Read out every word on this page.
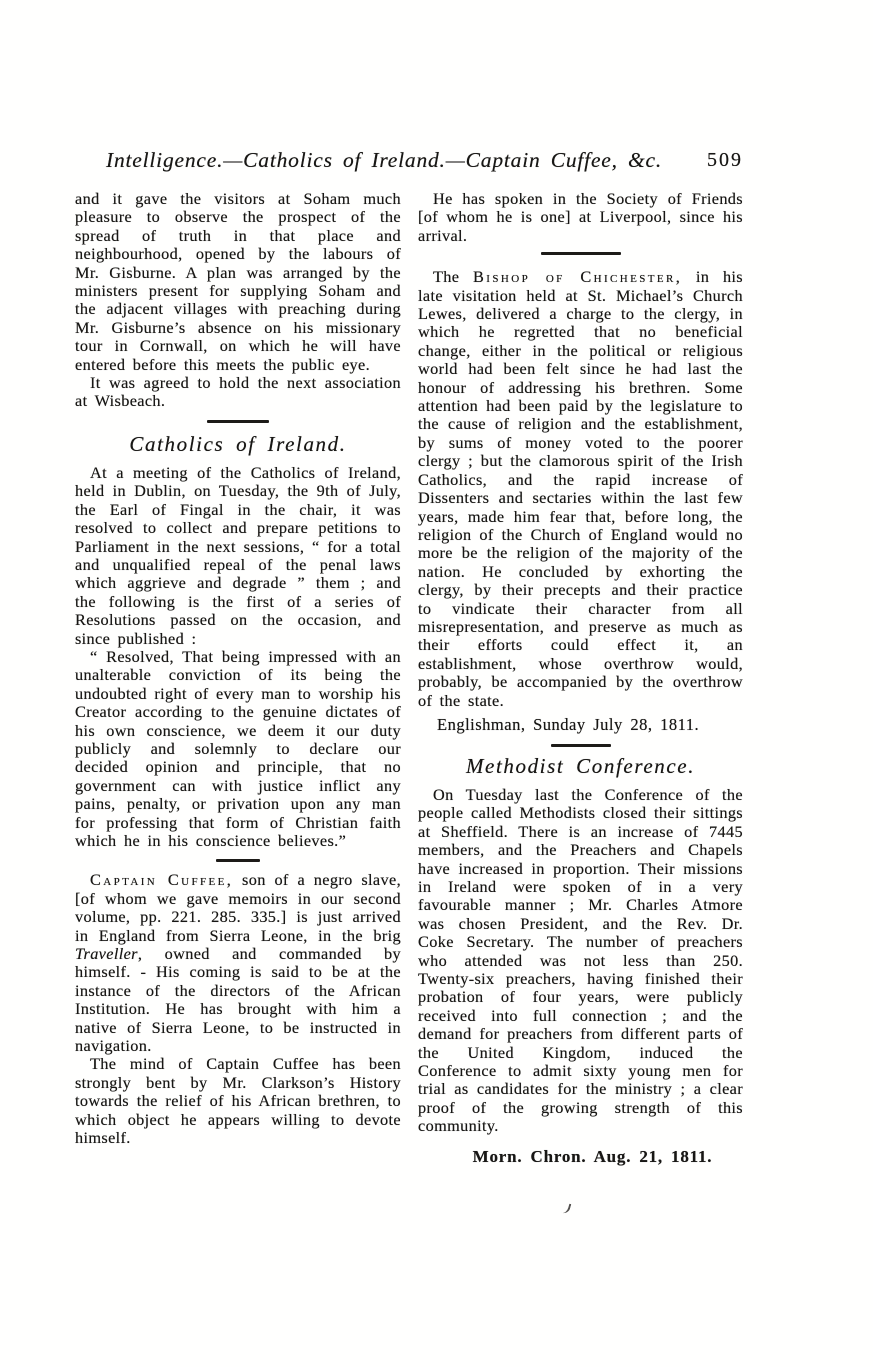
Intelligence.—Catholics of Ireland.—Captain Cuffee, &c.	509

and it gave the visitors at Soham much pleasure to observe the prospect of the spread of truth in that place and neighbourhood, opened by the labours of Mr. Gisburne. A plan was arranged by the ministers present for supplying Soham and the adjacent villages with preaching during Mr. Gisburne’s absence on his missionary tour in Cornwall, on which he will have entered before this meets the public eye.

It was agreed to hold the next association at Wisbeach.

Catholics of Ireland.

At a meeting of the Catholics of Ireland, held in Dublin, on Tuesday, the 9th of July, the Earl of Fingal in the chair, it was resolved to collect and prepare petitions to Parliament in the next sessions, “ for a total and unqualified repeal of the penal laws which aggrieve and degrade ” them ; and the following is the first of a series of Resolutions passed on the occasion, and since published :

“ Resolved, That being impressed with an unalterable conviction of its being the undoubted right of every man to worship his Creator according to the genuine dictates of his own conscience, we deem it our duty publicly and solemnly to declare our decided opinion and principle, that no government can with justice inflict any pains, penalty, or privation upon any man for professing that form of Christian faith which he in his conscience believes.”

Captain Cuffee, son of a negro slave, [of whom we gave memoirs in our second volume, pp. 221. 285. 335.] is just arrived in England from Sierra Leone, in the brig Traveller, owned and commanded by himself. - His coming is said to be at the instance of the directors of the African Institution. He has brought with him a native of Sierra Leone, to be instructed in navigation.

The mind of Captain Cuffee has been strongly bent by Mr. Clarkson’s History towards the relief of his African brethren, to which object he appears willing to devote himself.

He has spoken in the Society of Friends [of whom he is one] at Liverpool, since his arrival.

The Bishop of Chichester, in his late visitation held at St. Michael’s Church Lewes, delivered a charge to the clergy, in which he regretted that no beneficial change, either in the political or religious world had been felt since he had last the honour of addressing his brethren. Some attention had been paid by the legislature to the cause of religion and the establishment, by sums of money voted to the poorer clergy ; but the clamorous spirit of the Irish Catholics, and the rapid increase of Dissenters and sectaries within the last few years, made him fear that, before long, the religion of the Church of England would no more be the religion of the majority of the nation. He concluded by exhorting the clergy, by their precepts and their practice to vindicate their character from all misrepresentation, and preserve as much as their efforts could effect it, an establishment, whose overthrow would, probably, be accompanied by the overthrow of the state.

Englishman, Sunday July 28, 1811.

Methodist Conference.

On Tuesday last the Conference of the people called Methodists closed their sittings at Sheffield. There is an increase of 7445 members, and the Preachers and Chapels have increased in proportion. Their missions in Ireland were spoken of in a very favourable manner ; Mr. Charles Atmore was chosen President, and the Rev. Dr. Coke Secretary. The number of preachers who attended was not less than 250. Twenty-six preachers, having finished their probation of four years, were publicly received into full connection ; and the demand for preachers from different parts of the United Kingdom, induced the Conference to admit sixty young men for trial as candidates for the ministry ; a clear proof of the growing strength of this community.

Morn. Chron. Aug. 21, 1811.
